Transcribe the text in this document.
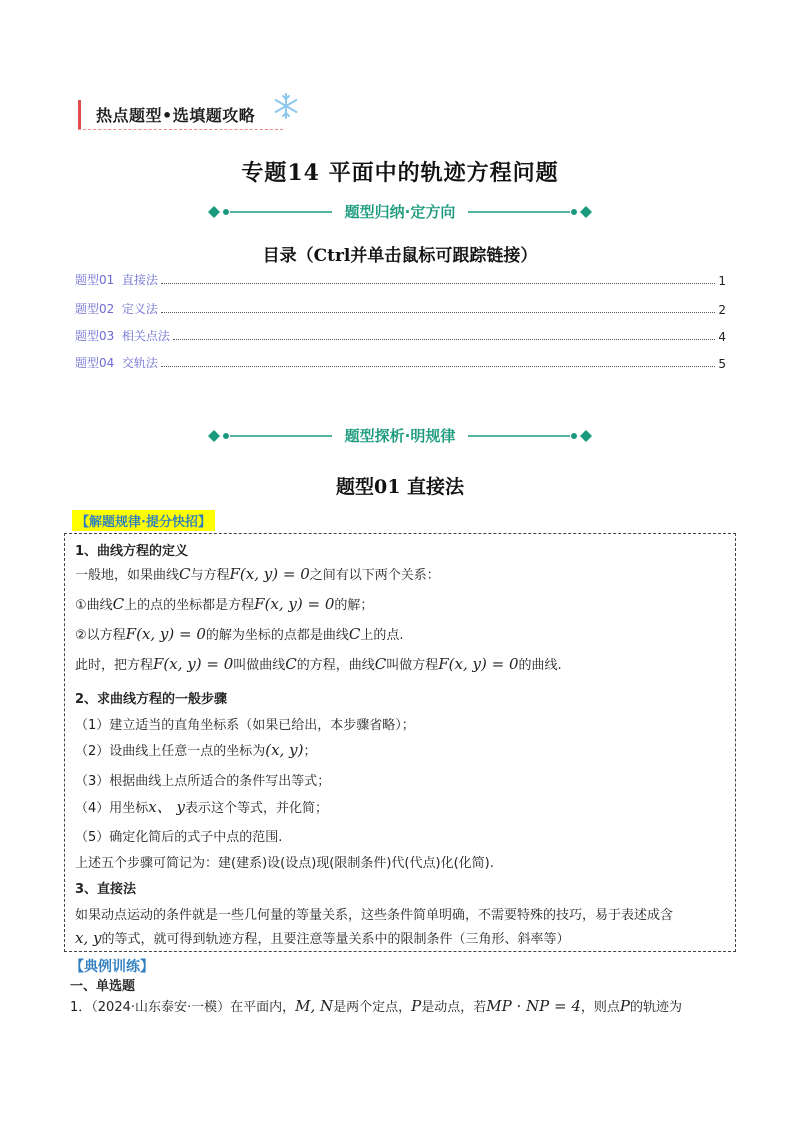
热点题型•选填题攻略
专题14 平面中的轨迹方程问题
题型归纳·定方向
目录（Ctrl并单击鼠标可跟踪链接）
题型01  直接法	1
题型02  定义法	2
题型03  相关点法	4
题型04  交轨法	5
题型探析·明规律
题型01 直接法
【解题规律·提分快招】
1、曲线方程的定义
一般地，如果曲线C与方程F(x, y) = 0之间有以下两个关系：
①曲线C上的点的坐标都是方程F(x, y) = 0的解；
②以方程F(x, y) = 0的解为坐标的点都是曲线C上的点.
此时，把方程F(x, y) = 0叫做曲线C的方程，曲线C叫做方程F(x, y) = 0的曲线.
2、求曲线方程的一般步骤
（1）建立适当的直角坐标系（如果已给出，本步骤省略）；
（2）设曲线上任意一点的坐标为(x, y)；
（3）根据曲线上点所适合的条件写出等式；
（4）用坐标x、 y表示这个等式，并化简；
（5）确定化简后的式子中点的范围.
上述五个步骤可简记为：建(建系)设(设点)现(限制条件)代(代点)化(化简).
3、直接法
如果动点运动的条件就是一些几何量的等量关系，这些条件简单明确，不需要特殊的技巧，易于表述成含
x, y的等式，就可得到轨迹方程，且要注意等量关系中的限制条件（三角形、斜率等）
【典例训练】
一、单选题
1．（2024·山东泰安·一模）在平面内，M, N是两个定点，P是动点，若MP · NP = 4，则点P的轨迹为
